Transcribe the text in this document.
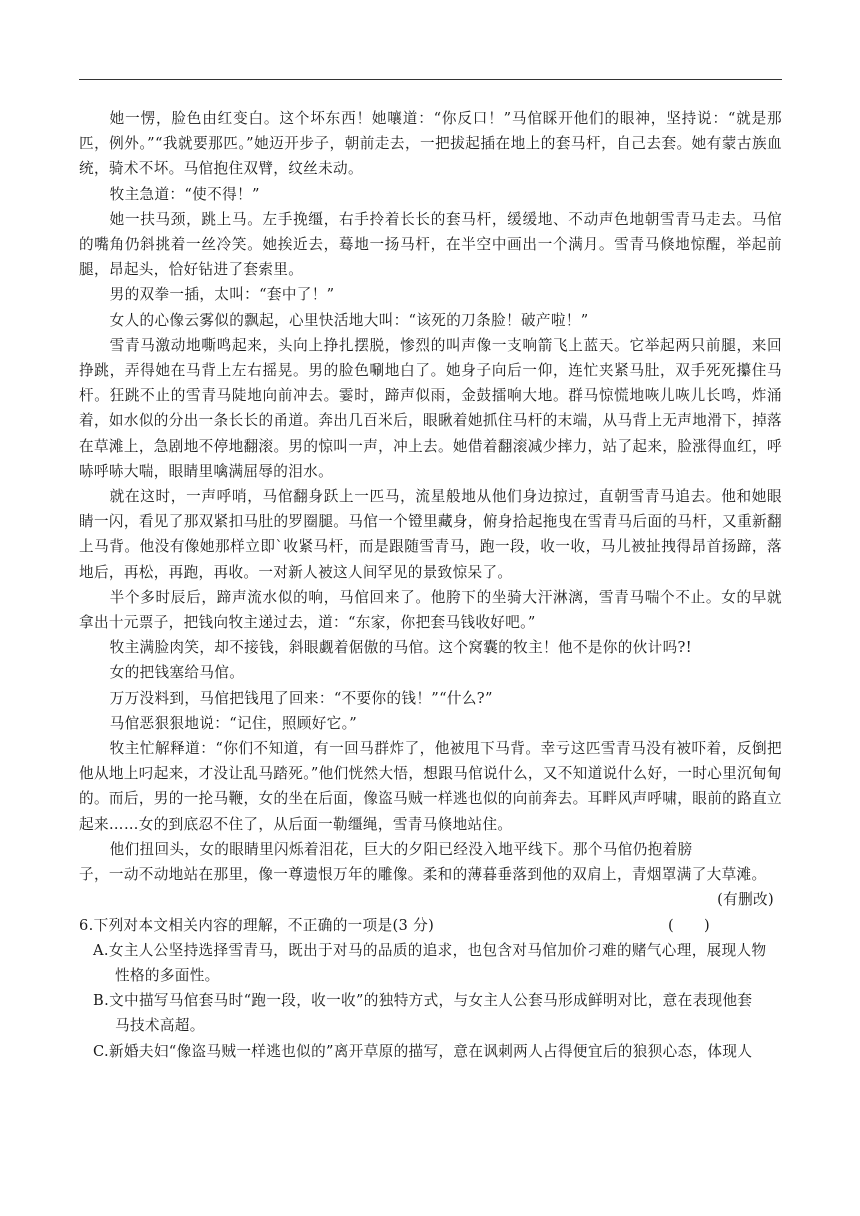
她一愣，脸色由红变白。这个坏东西！她嚷道：“你反口！”马倌睬开他们的眼神，坚持说：“就是那匹，例外。”“我就要那匹。”她迈开步子，朝前走去，一把拔起插在地上的套马杆，自己去套。她有蒙古族血统，骑术不坏。马倌抱住双臂，纹丝未动。

牧主急道：“使不得！”

她一扶马颈，跳上马。左手挽缰，右手拎着长长的套马杆，缓缓地、不动声色地朝雪青马走去。马倌的嘴角仍斜挑着一丝冷笑。她挨近去，蓦地一扬马杆，在半空中画出一个满月。雪青马倏地惊醒，举起前腿，昂起头，恰好钻进了套索里。

男的双拳一插，太叫：“套中了！”

女人的心像云雾似的飘起，心里快活地大叫：“该死的刀条脸！破产啦！”

雪青马激动地嘶鸣起来，头向上挣扎摆脱，惨烈的叫声像一支响箭飞上蓝天。它举起两只前腿，来回挣跳，弄得她在马背上左右摇晃。男的脸色唰地白了。她身子向后一仰，连忙夹紧马肚，双手死死攥住马杆。狂跳不止的雪青马陡地向前冲去。霎时，蹄声似雨，金鼓擂响大地。群马惊慌地咴儿咴儿长鸣，炸涌着，如水似的分出一条长长的甬道。奔出几百米后，眼瞅着她抓住马杆的末端，从马背上无声地滑下，掉落在草滩上，急剧地不停地翻滚。男的惊叫一声，冲上去。她借着翻滚减少摔力，站了起来，脸涨得血红，呼哧呼哧大喘，眼睛里噙满屈辱的泪水。

就在这时，一声呼哨，马倌翻身跃上一匹马，流星般地从他们身边掠过，直朝雪青马追去。他和她眼睛一闪，看见了那双紧扣马肚的罗圈腿。马倌一个镫里藏身，俯身拾起拖曳在雪青马后面的马杆，又重新翻上马背。他没有像她那样立即`收紧马杆，而是跟随雪青马，跑一段，收一收，马儿被扯拽得昂首扬蹄，落地后，再松，再跑，再收。一对新人被这人间罕见的景致惊呆了。

半个多时辰后，蹄声流水似的响，马倌回来了。他胯下的坐骑大汗淋漓，雪青马喘个不止。女的早就拿出十元票子，把钱向牧主递过去，道：“东家，你把套马钱收好吧。”

牧主满脸肉笑，却不接钱，斜眼觑着倨傲的马倌。这个窝囊的牧主！他不是你的伙计吗?!

女的把钱塞给马倌。

万万没料到，马倌把钱甩了回来：“不要你的钱！”“什么?”

马倌恶狠狠地说：“记住，照顾好它。”

牧主忙解释道：“你们不知道，有一回马群炸了，他被甩下马背。幸亏这匹雪青马没有被吓着，反倒把他从地上叼起来，才没让乱马踏死。”他们恍然大悟，想跟马倌说什么，又不知道说什么好，一时心里沉甸甸的。而后，男的一抡马鞭，女的坐在后面，像盗马贼一样逃也似的向前奔去。耳畔风声呼啸，眼前的路直立起来……女的到底忍不住了，从后面一勒缰绳，雪青马倏地站住。

他们扭回头，女的眼睛里闪烁着泪花，巨大的夕阳已经没入地平线下。那个马倌仍抱着膀

子，一动不动地站在那里，像一尊遗恨万年的雕像。柔和的薄暮垂落到他的双肩上，青烟罩满了大草滩。

(有删改)

6.下列对本文相关内容的理解，不正确的一项是(3 分)	(　　)

A.女主人公坚持选择雪青马，既出于对马的品质的追求，也包含对马倌加价刁难的赌气心理，展现人物
性格的多面性。

B.文中描写马倌套马时“跑一段，收一收”的独特方式，与女主人公套马形成鲜明对比，意在表现他套
马技术高超。

C.新婚夫妇“像盗马贼一样逃也似的”离开草原的描写，意在讽刺两人占得便宜后的狼狈心态，体现人
